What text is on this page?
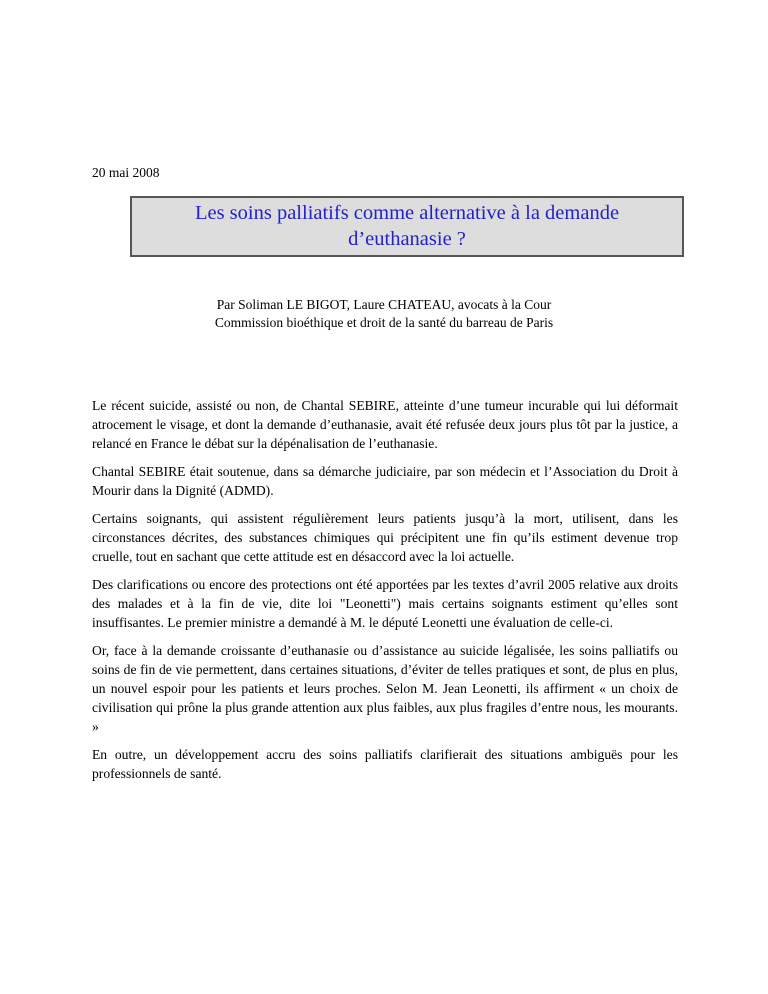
20 mai 2008
Les soins palliatifs comme alternative à la demande
d’euthanasie ?
Par Soliman LE BIGOT, Laure CHATEAU, avocats à la Cour
Commission bioéthique et droit de la santé du barreau de Paris

Le récent suicide, assisté ou non, de Chantal SEBIRE, atteinte d’une tumeur incurable qui lui déformait atrocement le visage, et dont la demande d’euthanasie, avait été refusée deux jours plus tôt par la justice, a relancé en France le débat sur la dépénalisation de l’euthanasie.

Chantal SEBIRE était soutenue, dans sa démarche judiciaire, par son médecin et l’Association du Droit à Mourir dans la Dignité (ADMD).

Certains soignants, qui assistent régulièrement leurs patients jusqu’à la mort, utilisent, dans les circonstances décrites, des substances chimiques qui précipitent une fin qu’ils estiment devenue trop cruelle, tout en sachant que cette attitude est en désaccord avec la loi actuelle.

Des clarifications ou encore des protections ont été apportées par les textes d’avril 2005 relative aux droits des malades et à la fin de vie, dite loi "Leonetti") mais certains soignants estiment qu’elles sont insuffisantes. Le premier ministre a demandé à M. le député Leonetti une évaluation de celle-ci.

Or, face à la demande croissante d’euthanasie ou d’assistance au suicide légalisée, les soins palliatifs ou soins de fin de vie permettent, dans certaines situations, d’éviter de telles pratiques et sont, de plus en plus, un nouvel espoir pour les patients et leurs proches. Selon M. Jean Leonetti, ils affirment « un choix de civilisation qui prône la plus grande attention aux plus faibles, aux plus fragiles d’entre nous, les mourants. »

En outre, un développement accru des soins palliatifs clarifierait des situations ambiguës pour les professionnels de santé.
